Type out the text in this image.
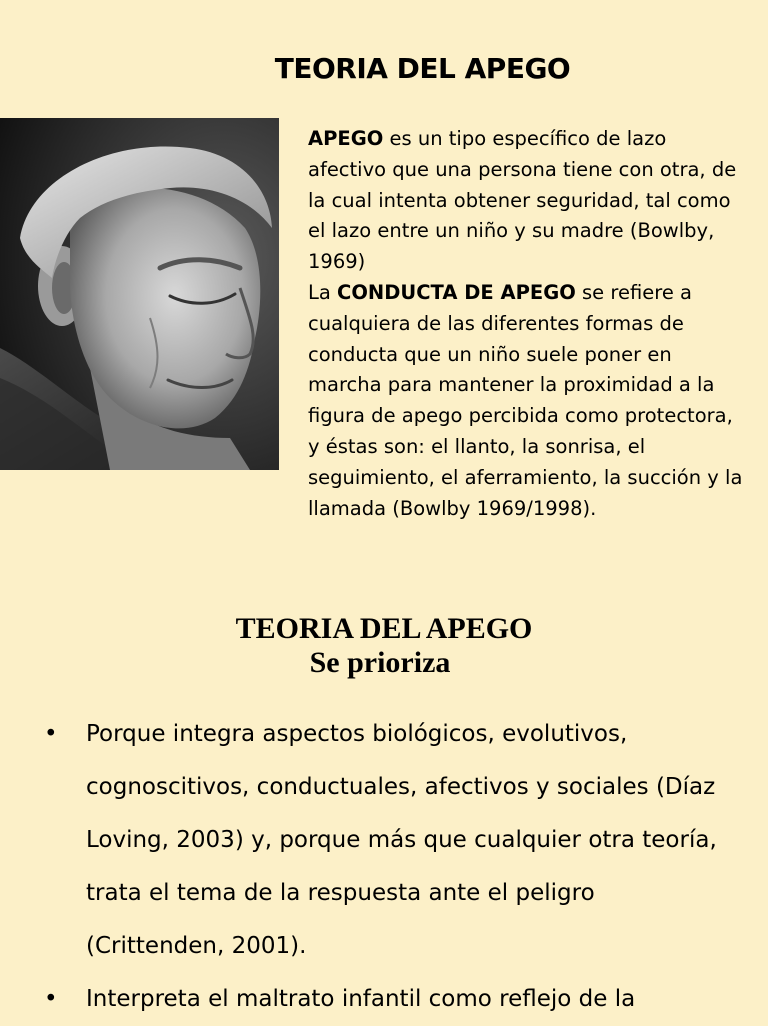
TEORIA DEL APEGO

APEGO es un tipo específico de lazo afectivo que una persona tiene con otra, de la cual intenta obtener seguridad, tal como el lazo entre un niño y su madre (Bowlby, 1969)

La CONDUCTA DE APEGO se refiere a cualquiera de las diferentes formas de conducta que un niño suele poner en marcha para mantener la proximidad a la figura de apego percibida como protectora, y éstas son: el llanto, la sonrisa, el seguimiento, el aferramiento, la succión y la llamada (Bowlby 1969/1998).

TEORIA DEL APEGO
Se prioriza
• Porque integra aspectos biológicos, evolutivos, cognoscitivos, conductuales, afectivos y sociales (Díaz Loving, 2003) y, porque más que cualquier otra teoría, trata el tema de la respuesta ante el peligro (Crittenden, 2001).
• Interpreta el maltrato infantil como reflejo de la
